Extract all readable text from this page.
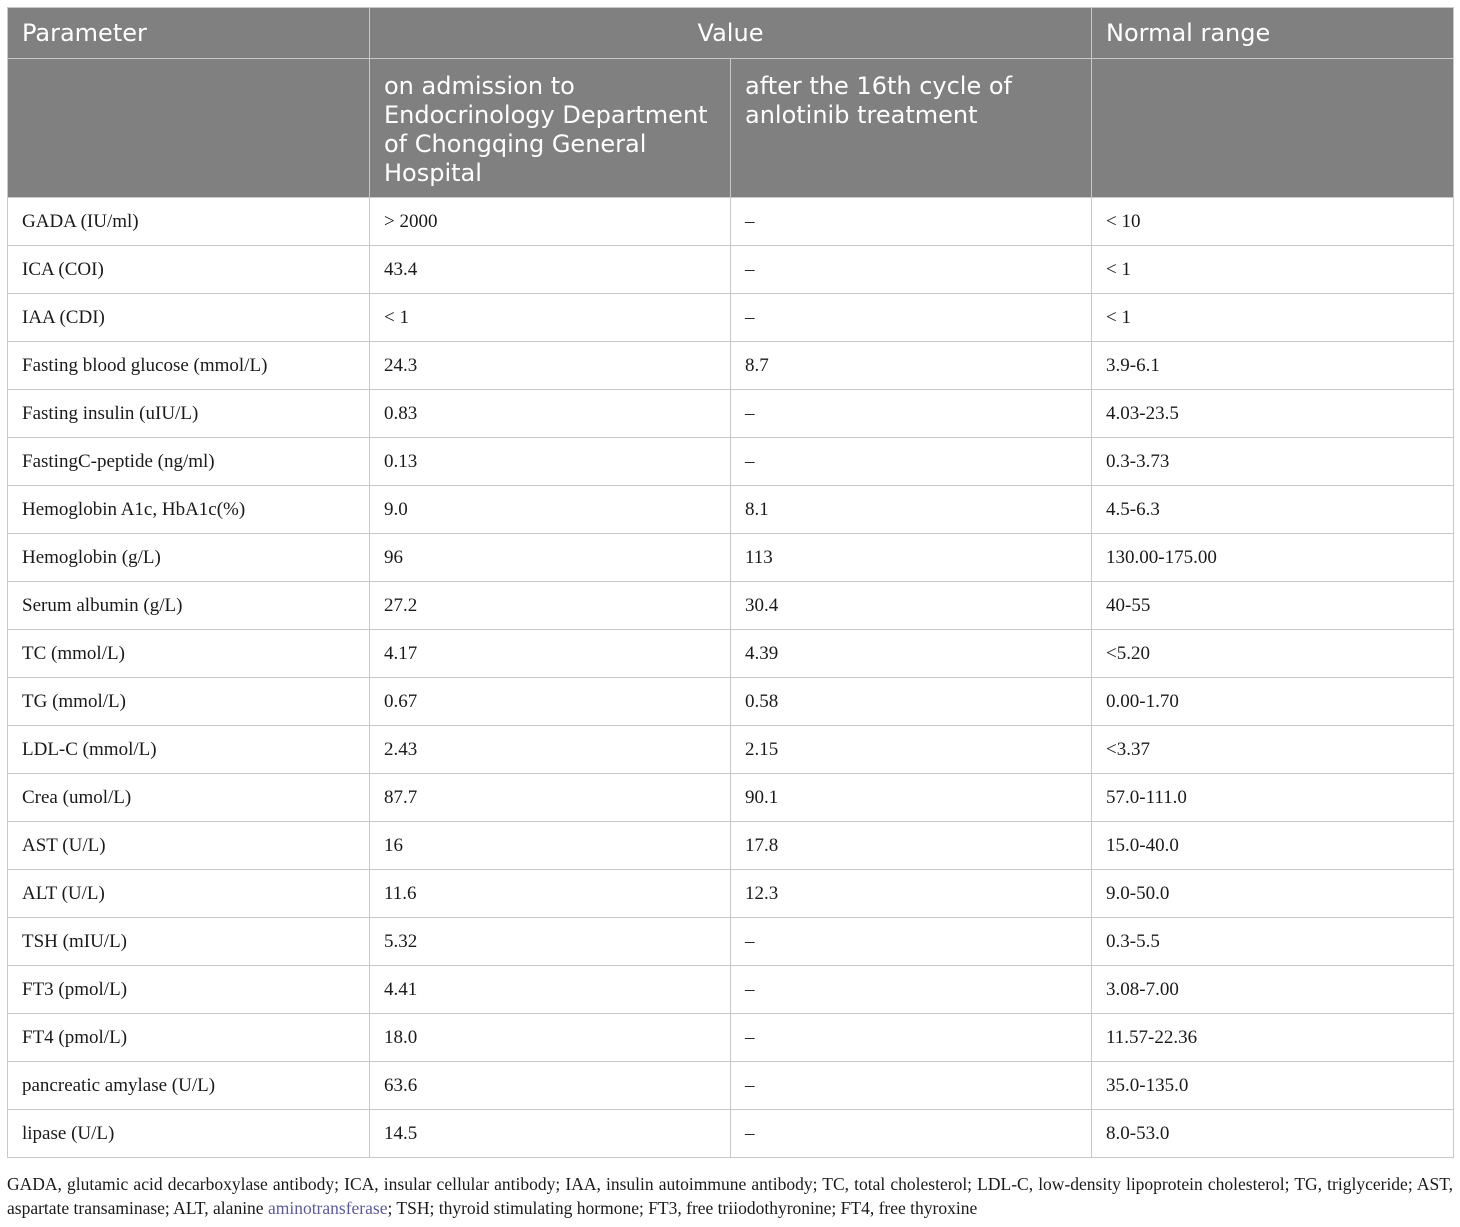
Parameter	Value		Normal range
	on admission to Endocrinology Department of Chongqing General Hospital	after the 16th cycle of anlotinib treatment	
GADA (IU/ml)	> 2000	–	< 10
ICA (COI)	43.4	–	< 1
IAA (CDI)	< 1	–	< 1
Fasting blood glucose (mmol/L)	24.3	8.7	3.9-6.1
Fasting insulin (uIU/L)	0.83	–	4.03-23.5
FastingC-peptide (ng/ml)	0.13	–	0.3-3.73
Hemoglobin A1c, HbA1c(%)	9.0	8.1	4.5-6.3
Hemoglobin (g/L)	96	113	130.00-175.00
Serum albumin (g/L)	27.2	30.4	40-55
TC (mmol/L)	4.17	4.39	<5.20
TG (mmol/L)	0.67	0.58	0.00-1.70
LDL-C (mmol/L)	2.43	2.15	<3.37
Crea (umol/L)	87.7	90.1	57.0-111.0
AST (U/L)	16	17.8	15.0-40.0
ALT (U/L)	11.6	12.3	9.0-50.0
TSH (mIU/L)	5.32	–	0.3-5.5
FT3 (pmol/L)	4.41	–	3.08-7.00
FT4 (pmol/L)	18.0	–	11.57-22.36
pancreatic amylase (U/L)	63.6	–	35.0-135.0
lipase (U/L)	14.5	–	8.0-53.0
GADA, glutamic acid decarboxylase antibody; ICA, insular cellular antibody; IAA, insulin autoimmune antibody; TC, total cholesterol; LDL-C, low-density lipoprotein cholesterol; TG, triglyceride; AST, aspartate transaminase; ALT, alanine aminotransferase; TSH; thyroid stimulating hormone; FT3, free triiodothyronine; FT4, free thyroxine
